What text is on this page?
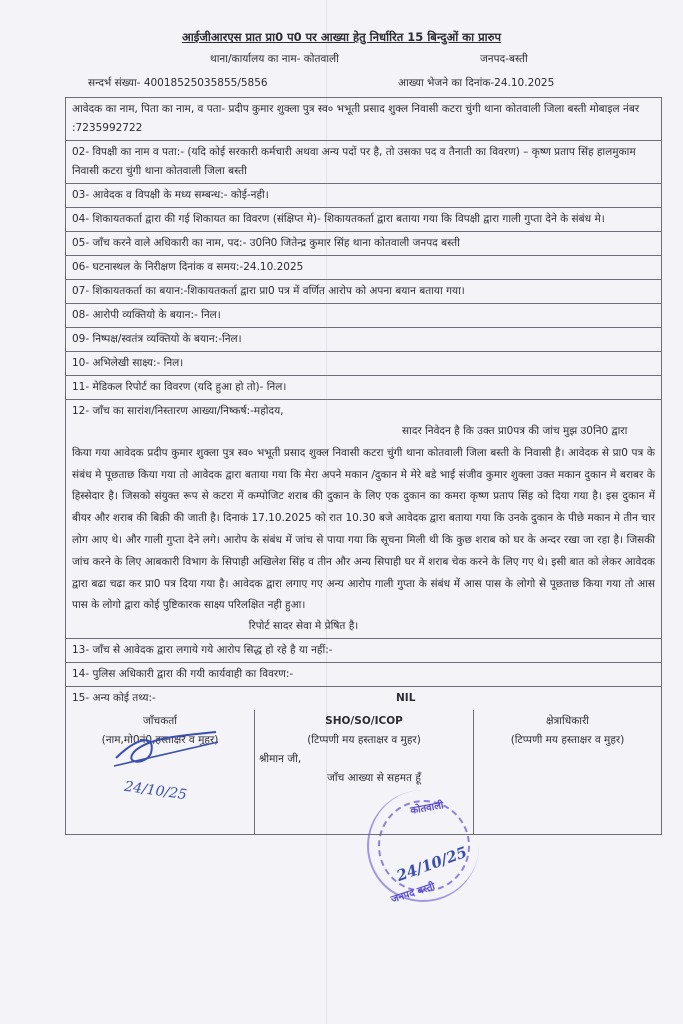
आईजीआरएस प्रात प्रा0 प0 पर आख्या हेतु निर्धारित 15 बिन्दुओं का प्रारुप
थाना/कार्यालय का नाम- कोतवाली	जनपद-बस्ती
सन्दर्भ संख्या- 40018525035855/5856	आख्या भेजने का दिनांक-24.10.2025
आवेदक का नाम, पिता का नाम, व पता- प्रदीप कुमार शुक्ला पुत्र स्व० भभूती प्रसाद शुक्ल निवासी कटरा चुंगी थाना कोतवाली जिला बस्ती मोबाइल नंबर :7235992722
02- विपक्षी का नाम व पता:- (यदि कोई सरकारी कर्मचारी अथवा अन्य पदों पर है, तो उसका पद व तैनाती का विवरण) – कृष्ण प्रताप सिंह हालमुकाम निवासी कटरा चुंगी थाना कोतवाली जिला बस्ती
03- आवेदक व विपक्षी के मध्य सम्बन्ध:- कोई-नही।
04- शिकायतकर्ता द्वारा की गई शिकायत का विवरण (संक्षिप्त मे)- शिकायतकर्ता द्वारा बताया गया कि विपक्षी द्वारा गाली गुप्ता देने के संबंध मे।
05- जाँच करने वाले अधिकारी का नाम, पद:- उ0नि0 जितेन्द्र कुमार सिंह थाना कोतवाली जनपद बस्ती
06- घटनास्थल के निरीक्षण दिनांक व समय:-24.10.2025
07- शिकायतकर्ता का बयान:-शिकायतकर्ता द्वारा प्रा0 पत्र में वर्णित आरोप को अपना बयान बताया गया।
08- आरोपी व्यक्तियो के बयान:- निल।
09- निष्पक्ष/स्वतंत्र व्यक्तियो के बयान:-निल।
10- अभिलेखी साक्ष्य:- निल।
11- मेडिकल रिपोर्ट का विवरण (यदि हुआ हो तो)- निल।
12- जाँच का सारांश/निस्तारण आख्या/निष्कर्ष:-महोदय,
सादर निवेदन है कि उक्त प्रा0पत्र की जांच मुझ उ0नि0 द्वारा
किया गया आवेदक प्रदीप कुमार शुक्ला पुत्र स्व० भभूती प्रसाद शुक्ल निवासी कटरा चुंगी थाना कोतवाली जिला बस्ती के निवासी है। आवेदक से प्रा0 पत्र के संबंध मे पूछताछ किया गया तो आवेदक द्वारा बताया गया कि मेरा अपने मकान /दुकान मे मेरे बडे भाई संजीव कुमार शुक्ला उक्त मकान दुकान मे बराबर के हिस्सेदार है। जिसको संयुक्त रूप से कटरा में कम्पोजिट शराब की दुकान के लिए एक दुकान का कमरा कृष्ण प्रताप सिंह को दिया गया है। इस दुकान में बीयर और शराब की बिक्री की जाती है। दिनाकं 17.10.2025 को रात 10.30 बजे आवेदक द्वारा बताया गया कि उनके दुकान के पीछे मकान मे तीन चार लोग आए थे। और गाली गुप्ता देने लगे। आरोप के संबंध में जांच से पाया गया कि सूचना मिली थी कि कुछ शराब को घर के अन्दर रखा जा रहा है। जिसकी जांच करने के लिए आबकारी विभाग के सिपाही अखिलेश सिंह व तीन और अन्य सिपाही घर में शराब चेक करने के लिए गए थे। इसी बात को लेकर आवेदक द्वारा बढा चढा कर प्रा0 पत्र दिया गया है। आवेदक द्वारा लगाए गए अन्य आरोप गाली गुप्ता के संबंध में आस पास के लोगो से पूछताछ किया गया तो आस पास के लोगो द्वारा कोई पुष्टिकारक साक्ष्य परिलक्षित नही हुआ।
रिपोर्ट सादर सेवा मे प्रेषित है।
13- जाँच से आवेदक द्वारा लगाये गये आरोप सिद्ध हो रहे है या नहीं:-
14- पुलिस अधिकारी द्वारा की गयी कार्यवाही का विवरण:-
15- अन्य कोई तथ्य:-	NIL
जाँचकर्ता
(नाम,मो0नं0,हस्ताक्षर व मुहर)
24/10/25
SHO/SO/ICOP
(टिप्पणी मय हस्ताक्षर व मुहर)
श्रीमान जी,
जाँच आख्या से सहमत हूँ
क्षेत्राधिकारी
(टिप्पणी मय हस्ताक्षर व मुहर)
कोतवाली
24/10/25
जनपद बस्ती
